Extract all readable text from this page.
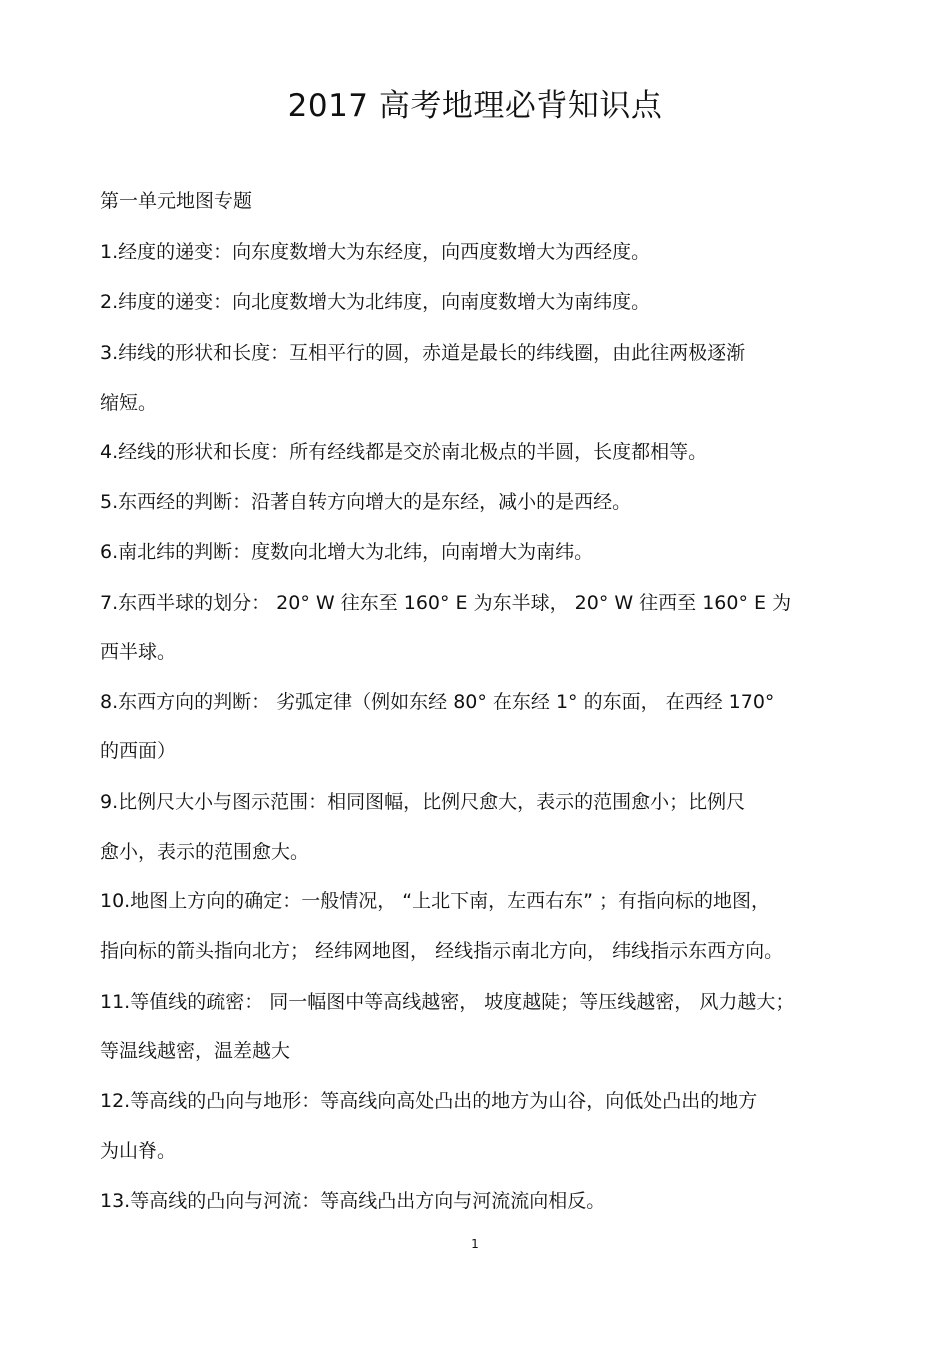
2017 高考地理必背知识点

第一单元地图专题

1.经度的递变：向东度数增大为东经度，向西度数增大为西经度。

2.纬度的递变：向北度数增大为北纬度，向南度数增大为南纬度。

3.纬线的形状和长度：互相平行的圆，赤道是最长的纬线圈，由此往两极逐渐

缩短。

4.经线的形状和长度：所有经线都是交於南北极点的半圆，长度都相等。

5.东西经的判断：沿著自转方向增大的是东经，减小的是西经。

6.南北纬的判断：度数向北增大为北纬，向南增大为南纬。

7.东西半球的划分： 20° W 往东至 160° E 为东半球， 20° W 往西至 160° E 为

西半球。

8.东西方向的判断： 劣弧定律（例如东经 80° 在东经 1° 的东面， 在西经 170°

的西面）

9.比例尺大小与图示范围：相同图幅，比例尺愈大，表示的范围愈小；比例尺

愈小，表示的范围愈大。

10.地图上方向的确定：一般情况， “上北下南，左西右东” ；有指向标的地图，

指向标的箭头指向北方； 经纬网地图， 经线指示南北方向， 纬线指示东西方向。

11.等值线的疏密： 同一幅图中等高线越密， 坡度越陡；等压线越密， 风力越大；

等温线越密，温差越大

12.等高线的凸向与地形：等高线向高处凸出的地方为山谷，向低处凸出的地方

为山脊。

13.等高线的凸向与河流：等高线凸出方向与河流流向相反。

1
